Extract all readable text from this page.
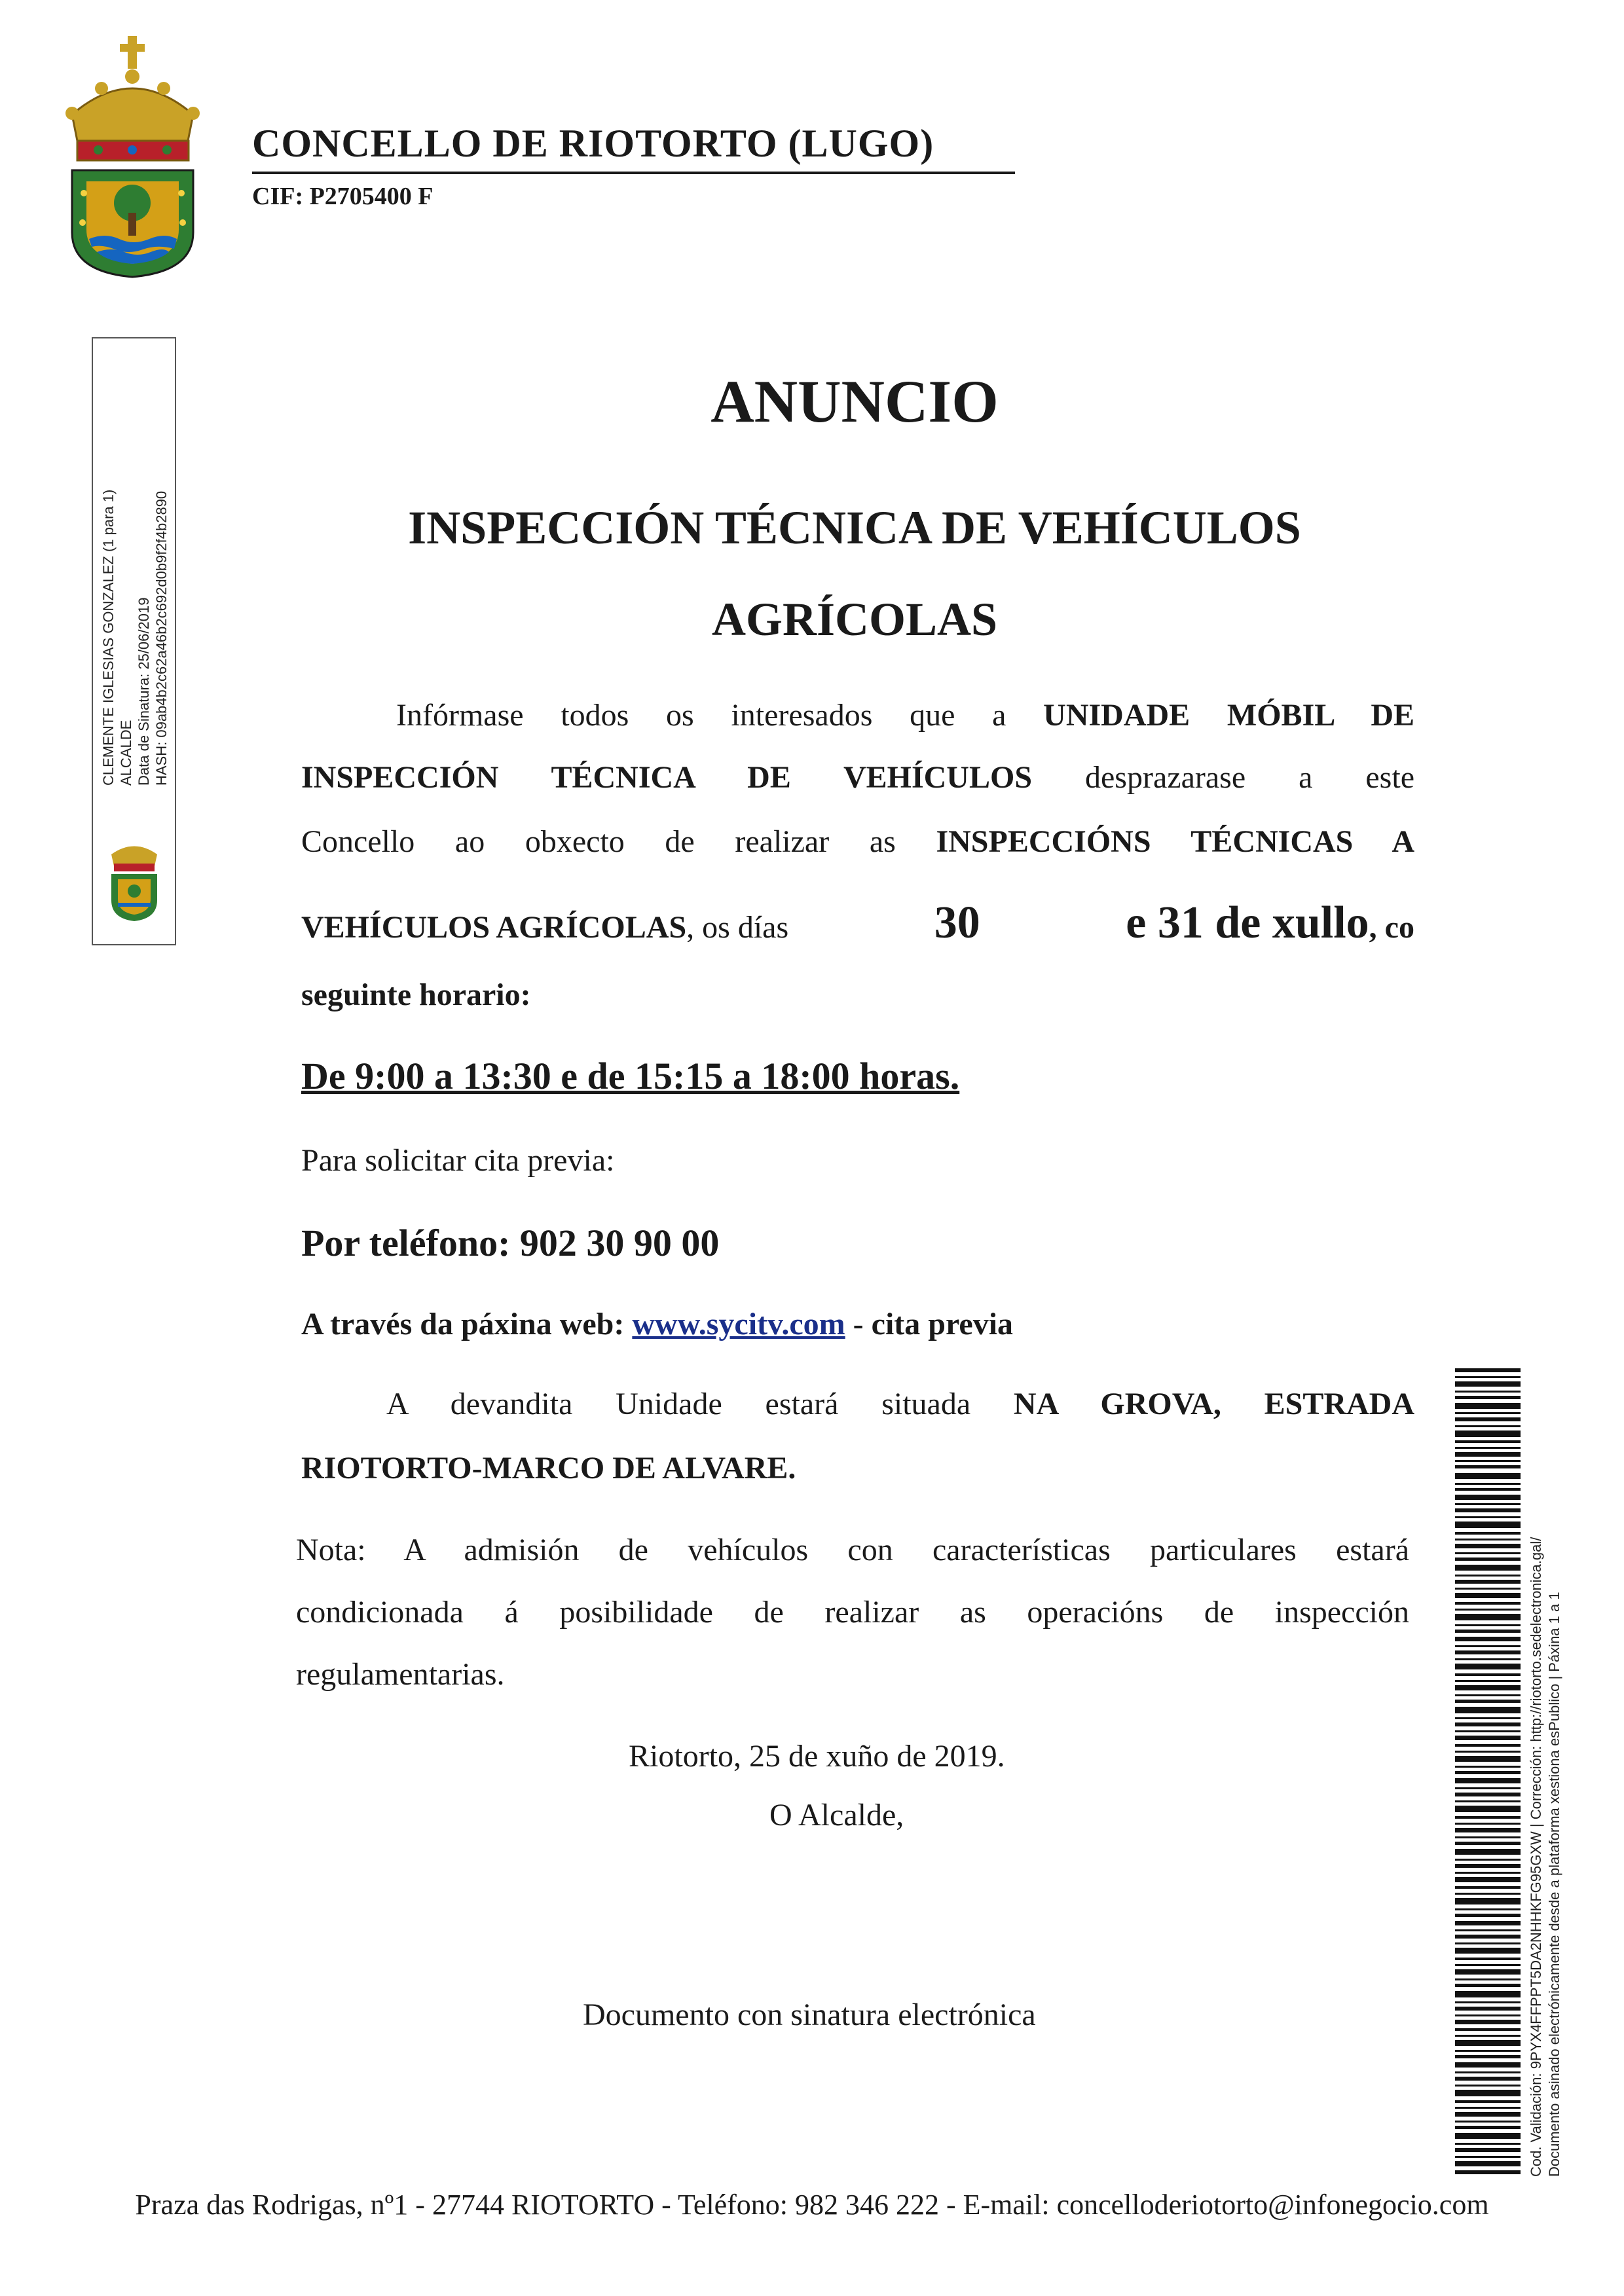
CONCELLO DE RIOTORTO (LUGO)
CIF: P2705400 F
CLEMENTE IGLESIAS GONZALEZ (1 para 1) ALCALDE Data de Sinatura: 25/06/2019 HASH: 09ab4b2c62a46b2c692d0b9f2f4b2890
ANUNCIO
INSPECCIÓN TÉCNICA DE VEHÍCULOS
AGRÍCOLAS
Infórmase todos os interesados que a UNIDADE MÓBIL DE
INSPECCIÓN TÉCNICA DE VEHÍCULOS desprazarase a este
Concello ao obxecto de realizar as INSPECCIÓNS TÉCNICAS A
VEHÍCULOS AGRÍCOLAS, os días	30	e 31 de xullo, co
seguinte horario:
De 9:00 a 13:30 e de 15:15 a 18:00 horas.
Para solicitar cita previa:
Por teléfono: 902 30 90 00
A través da páxina web: www.sycitv.com - cita previa
A devandita Unidade estará situada NA GROVA, ESTRADA
RIOTORTO-MARCO DE ALVARE.
Nota: A admisión de vehículos con características particulares estará
condicionada á posibilidade de realizar as operacións de inspección
regulamentarias.
Riotorto, 25 de xuño de 2019.
O Alcalde,
Documento con sinatura electrónica	Cod. Validación: 9PYX4FFPPT5DA2NHHKFG95GXW | Corrección: http://riotorto.sedelectronica.gal/ Documento asinado electrónicamente desde a plataforma xestiona esPublico | Páxina 1 a 1
Praza das Rodrigas, nº1 - 27744 RIOTORTO - Teléfono: 982 346 222 - E-mail: concelloderiotorto@infonegocio.com
